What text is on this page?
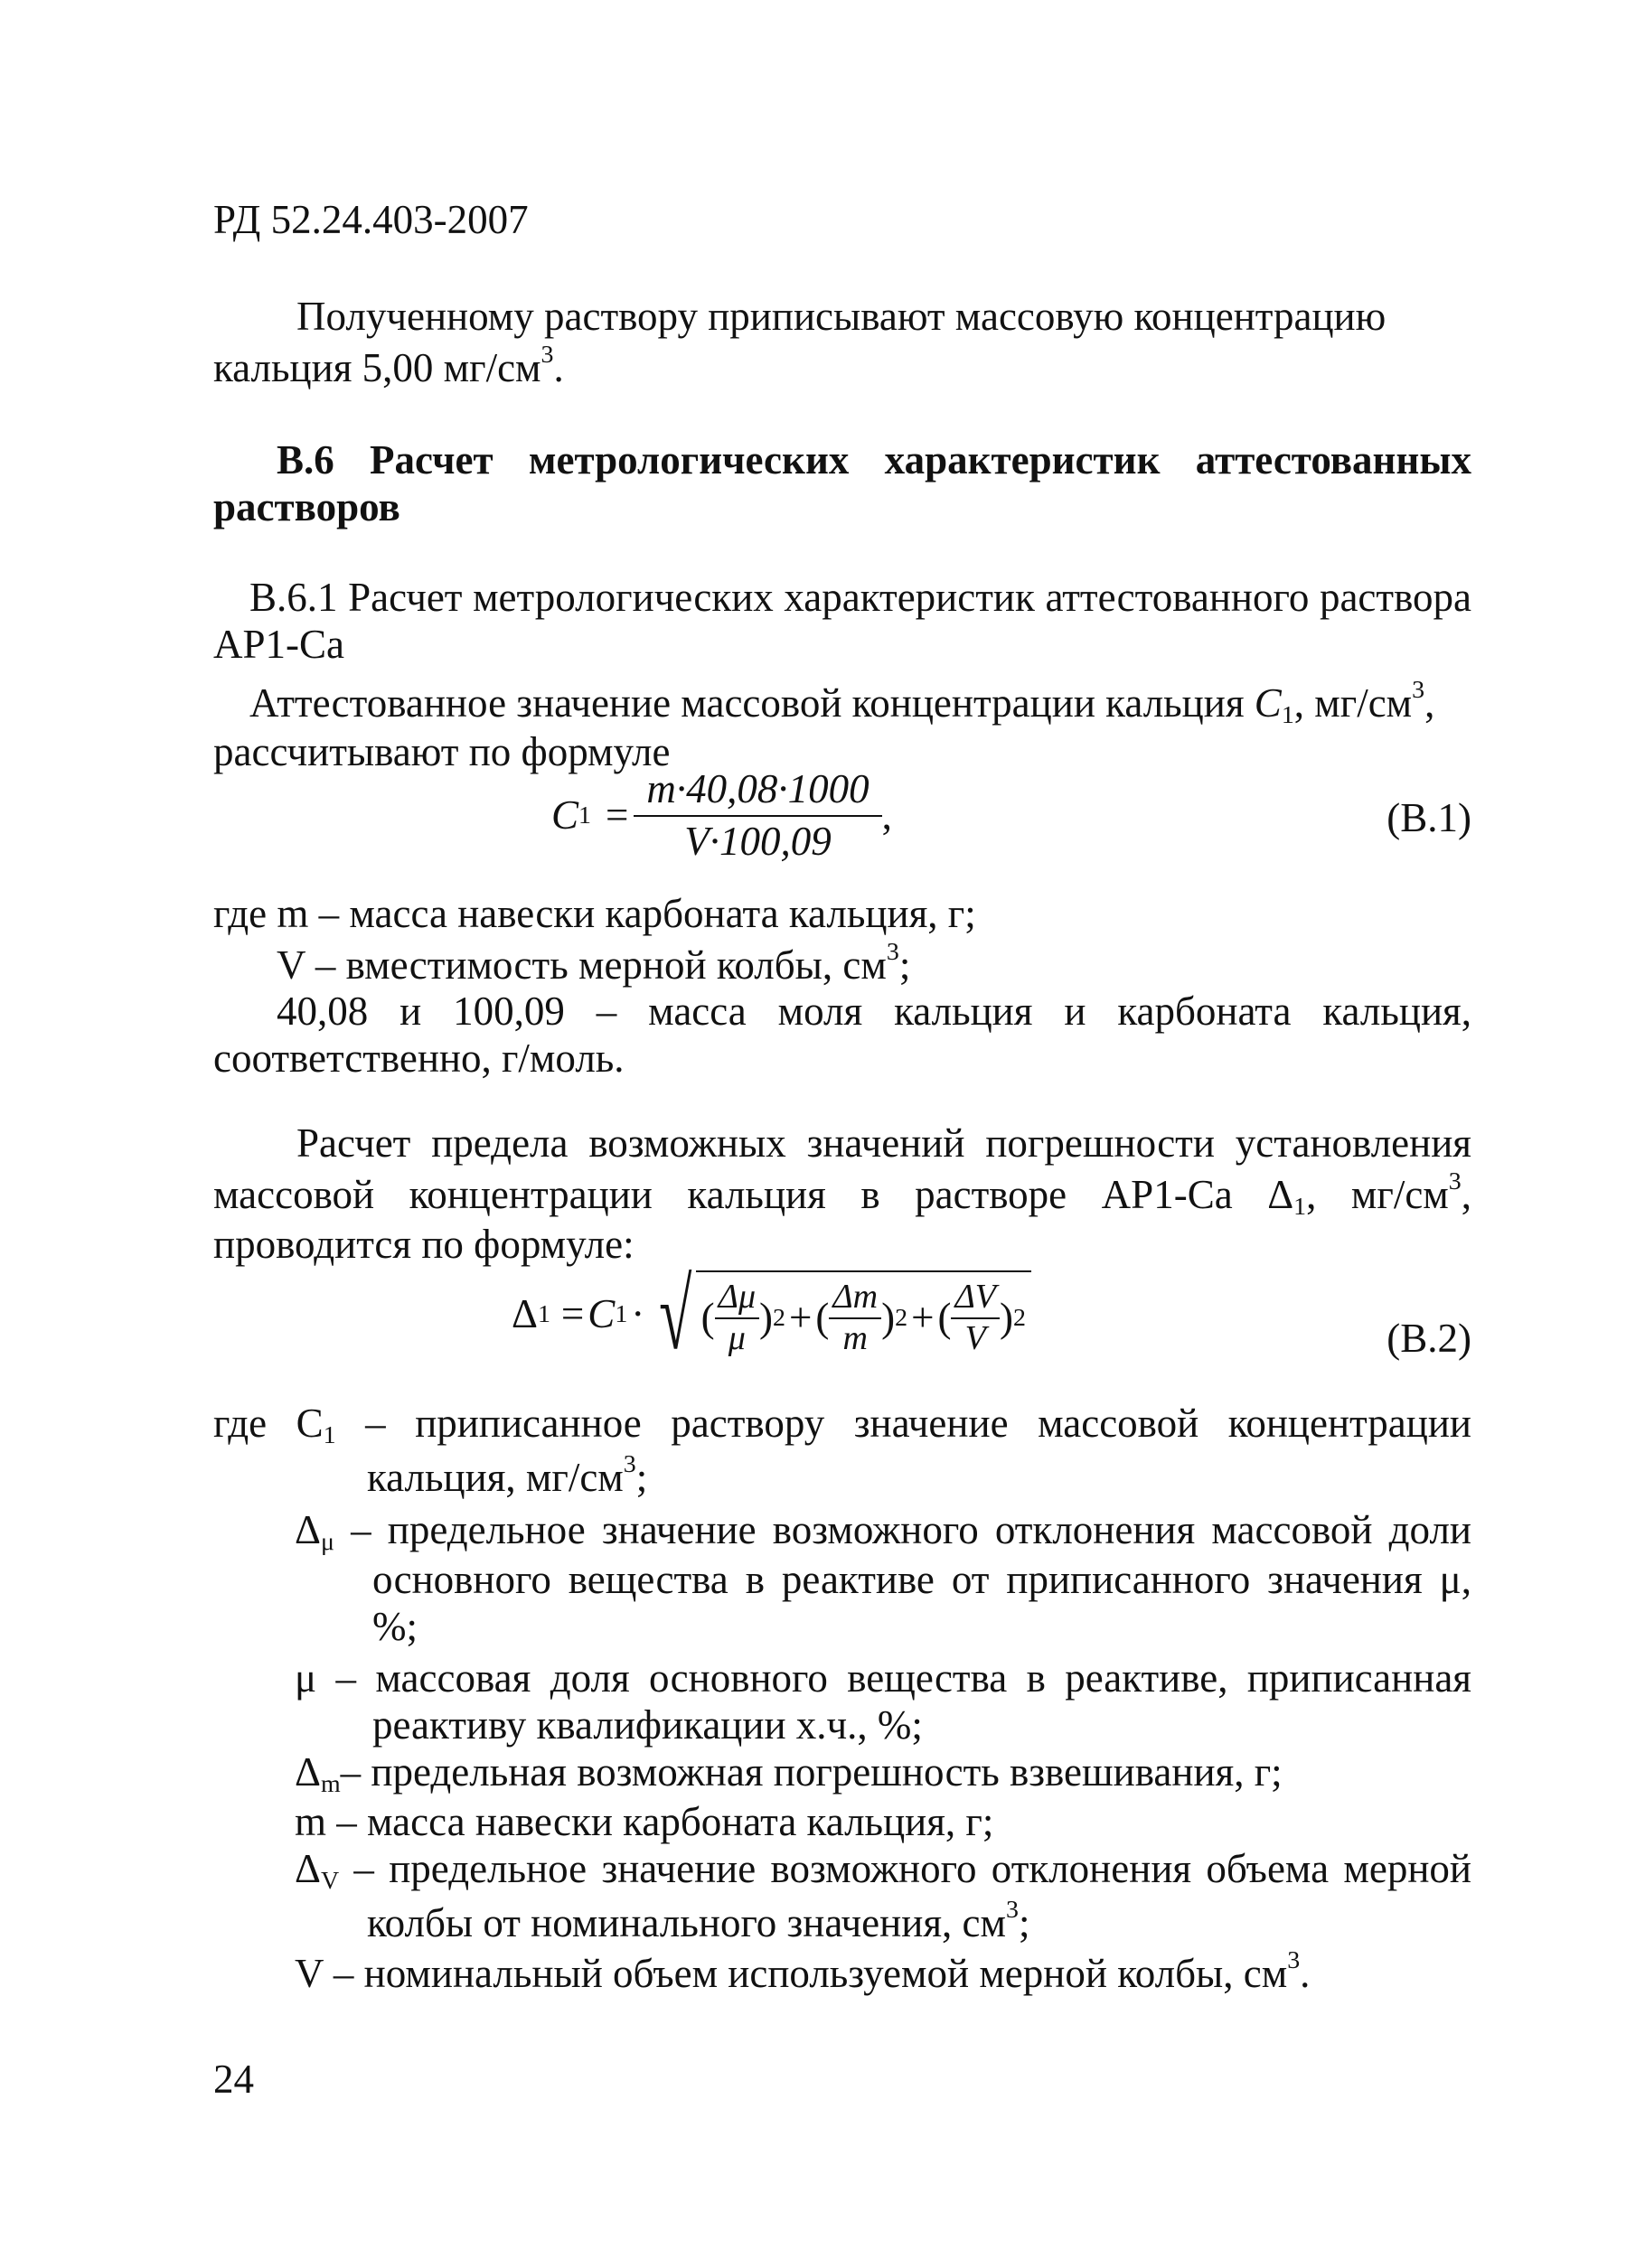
РД 52.24.403-2007

Полученному раствору приписывают массовую концентрацию

кальция 5,00 $мг/см^3$.

В.6 Расчет метрологических характеристик аттестованных растворов

В.6.1 Расчет метрологических характеристик аттестованного раствора АР1-Са

Аттестованное значение массовой концентрации кальция $С_1$, $мг/см^3$,

рассчитывают по формуле

C $1 = \frac{m\cdot 40,08\cdot 1000}{V\cdot 100,09}$ ,	(В.1)

где m – масса навески карбоната кальция, г;

V – вместимость мерной колбы, $см^3$;

40,08 и 100,09 – масса моля кальция и карбоната кальция, соответственно, г/моль.

Расчет предела возможных значений погрешности установления массовой концентрации кальция в растворе АР1-Са $\Delta_1$, $мг/см^3$, проводится по формуле:

Δ 1 = C 1 · √ ( $\frac{\Delta\mu}{\mu}$ ) 2 + ( $\frac{\Delta m}{m}$ ) 2 + ( $\frac{\Delta V}{V}$ ) 2	(В.2)

где $С_1$ – приписанное раствору значение массовой концентрации кальция, $мг/см^3$;

$\Delta_\mu$ – предельное значение возможного отклонения массовой доли основного вещества в реактиве от приписанного значения μ, %;

μ – массовая доля основного вещества в реактиве, приписанная реактиву квалификации х.ч., %;

$\Delta_m-$ предельная возможная погрешность взвешивания, г;

m – масса навески карбоната кальция, г;

$\Delta_V$ – предельное значение возможного отклонения объема мерной колбы от номинального значения, $см^3$;

V – номинальный объем используемой мерной колбы, $см^3$.

24
